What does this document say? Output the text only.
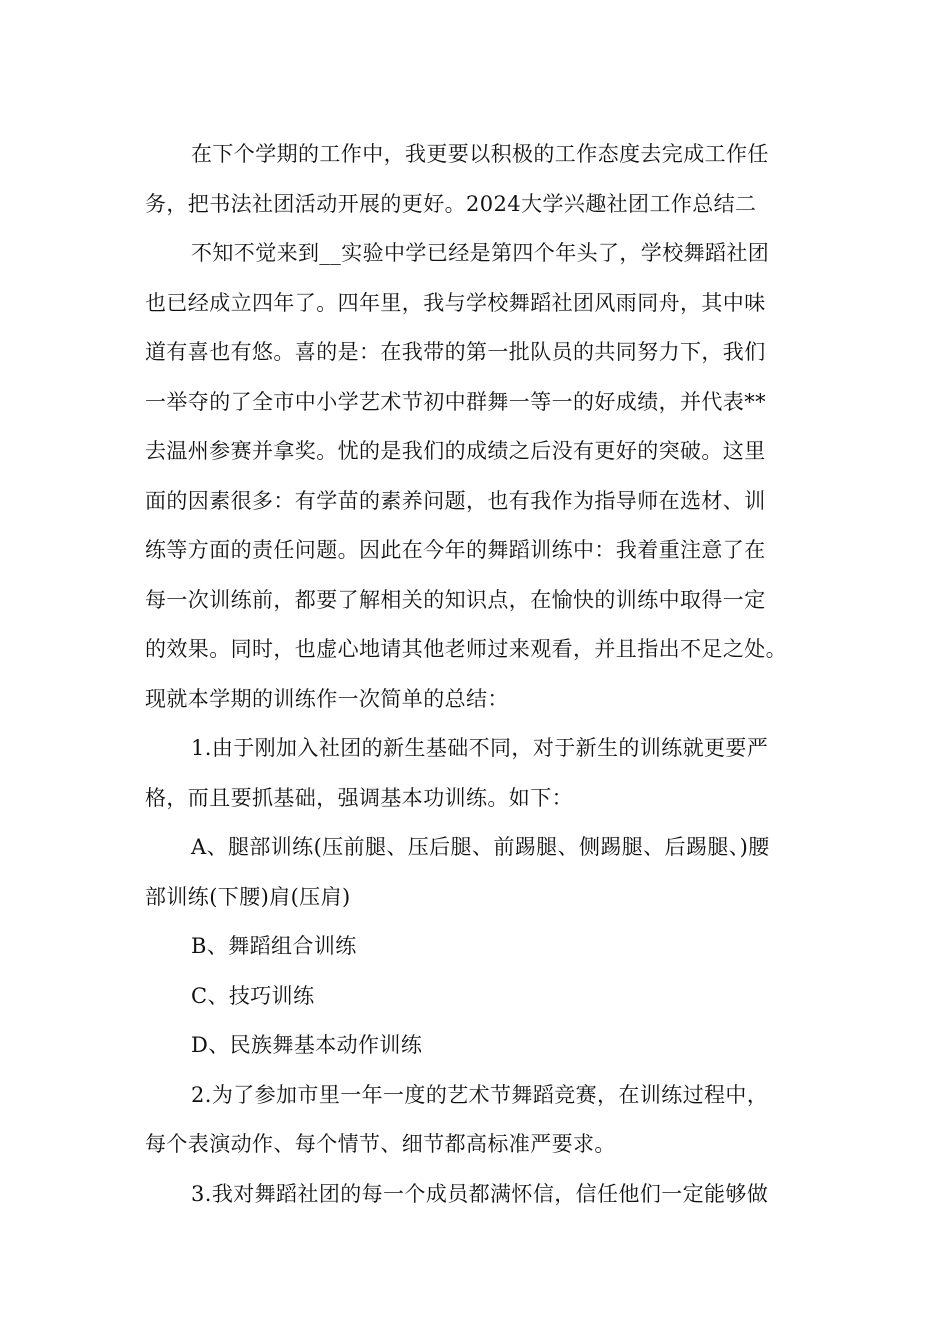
在下个学期的工作中，我更要以积极的工作态度去完成工作任
务，把书法社团活动开展的更好。2024大学兴趣社团工作总结二
不知不觉来到__实验中学已经是第四个年头了，学校舞蹈社团
也已经成立四年了。四年里，我与学校舞蹈社团风雨同舟，其中味
道有喜也有悠。喜的是：在我带的第一批队员的共同努力下，我们
一举夺的了全市中小学艺术节初中群舞一等一的好成绩，并代表**
去温州参赛并拿奖。忧的是我们的成绩之后没有更好的突破。这里
面的因素很多：有学苗的素养问题，也有我作为指导师在选材、训
练等方面的责任问题。因此在今年的舞蹈训练中：我着重注意了在
每一次训练前，都要了解相关的知识点，在愉快的训练中取得一定
的效果。同时，也虚心地请其他老师过来观看，并且指出不足之处。
现就本学期的训练作一次简单的总结：
1.由于刚加入社团的新生基础不同，对于新生的训练就更要严
格，而且要抓基础，强调基本功训练。如下：
A、腿部训练(压前腿、压后腿、前踢腿、侧踢腿、后踢腿、)腰
部训练(下腰)肩(压肩)
B、舞蹈组合训练
C、技巧训练
D、民族舞基本动作训练
2.为了参加市里一年一度的艺术节舞蹈竞赛，在训练过程中，
每个表演动作、每个情节、细节都高标准严要求。
3.我对舞蹈社团的每一个成员都满怀信，信任他们一定能够做
